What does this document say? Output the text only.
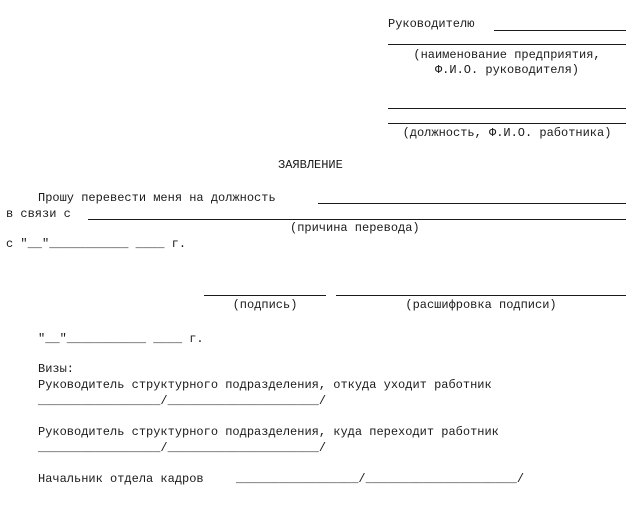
Руководителю
(наименование предприятия,
Ф.И.О. руководителя)
(должность, Ф.И.О. работника)
ЗАЯВЛЕНИЕ
Прошу перевести меня на должность
в связи с
(причина перевода)
с "__"___________ ____ г.
(подпись)	(расшифровка подписи)
"__"___________ ____ г.
Визы:
Руководитель структурного подразделения, откуда уходит работник
_________________/_____________________/
Руководитель структурного подразделения, куда переходит работник
_________________/_____________________/
Начальник отдела кадров	_________________/_____________________/
